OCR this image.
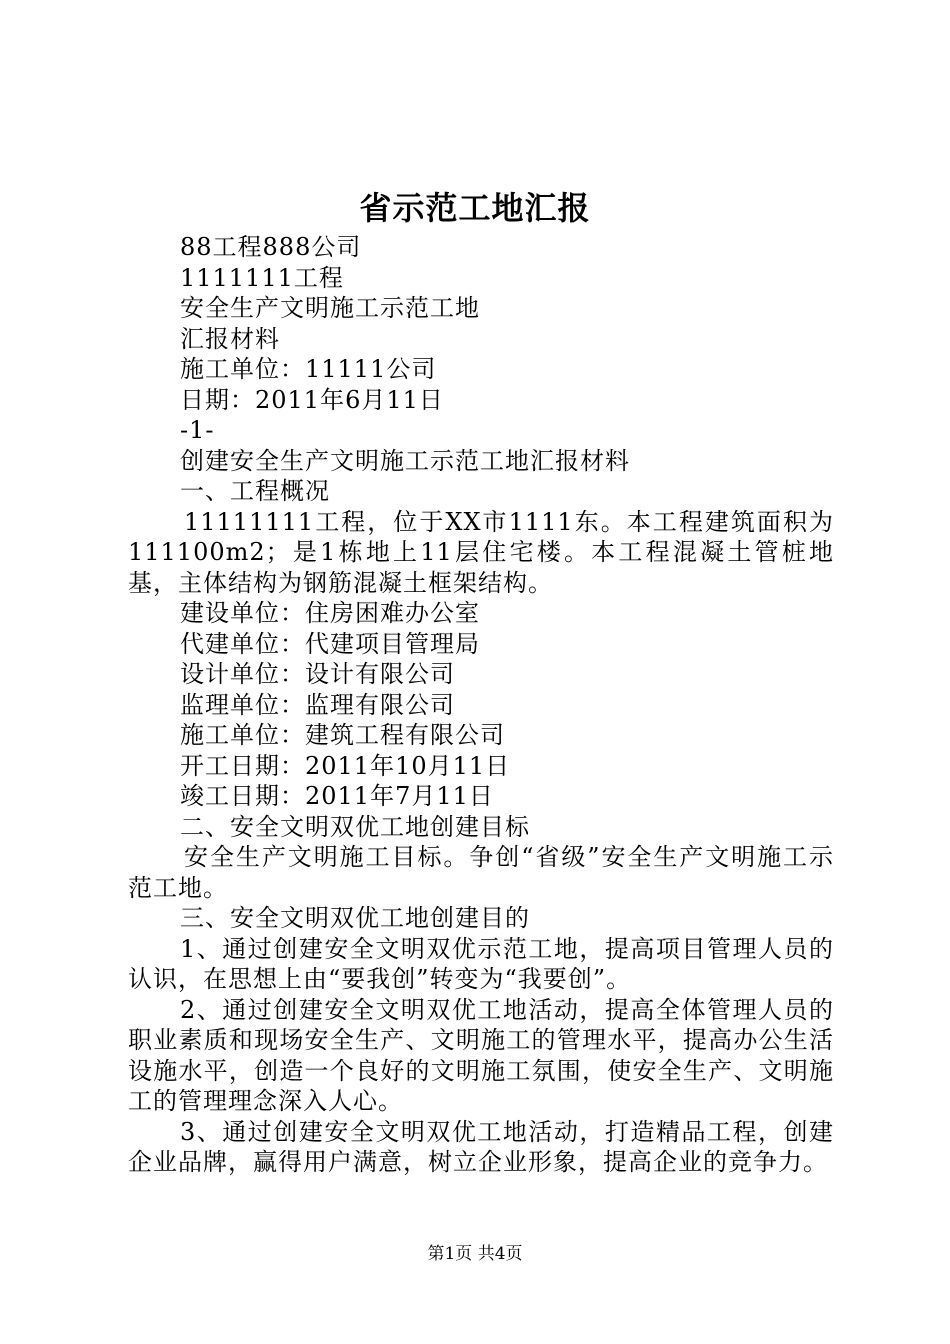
省示范工地汇报

88工程888公司

1111111工程

安全生产文明施工示范工地

汇报材料

施工单位：11111公司

日期：2011年6月11日

-1-

创建安全生产文明施工示范工地汇报材料

一、工程概况

11111111工程，位于XX市1111东。本工程建筑面积为111100m2；是1栋地上11层住宅楼。本工程混凝土管桩地基，主体结构为钢筋混凝土框架结构。

建设单位：住房困难办公室

代建单位：代建项目管理局

设计单位：设计有限公司

监理单位：监理有限公司

施工单位：建筑工程有限公司

开工日期：2011年10月11日

竣工日期：2011年7月11日

二、安全文明双优工地创建目标

安全生产文明施工目标。争创“省级”安全生产文明施工示范工地。

三、安全文明双优工地创建目的

1、通过创建安全文明双优示范工地，提高项目管理人员的认识，在思想上由“要我创”转变为“我要创”。

2、通过创建安全文明双优工地活动，提高全体管理人员的职业素质和现场安全生产、文明施工的管理水平，提高办公生活设施水平，创造一个良好的文明施工氛围，使安全生产、文明施工的管理理念深入人心。

3、通过创建安全文明双优工地活动，打造精品工程，创建企业品牌，赢得用户满意，树立企业形象，提高企业的竞争力。

第1页 共4页
